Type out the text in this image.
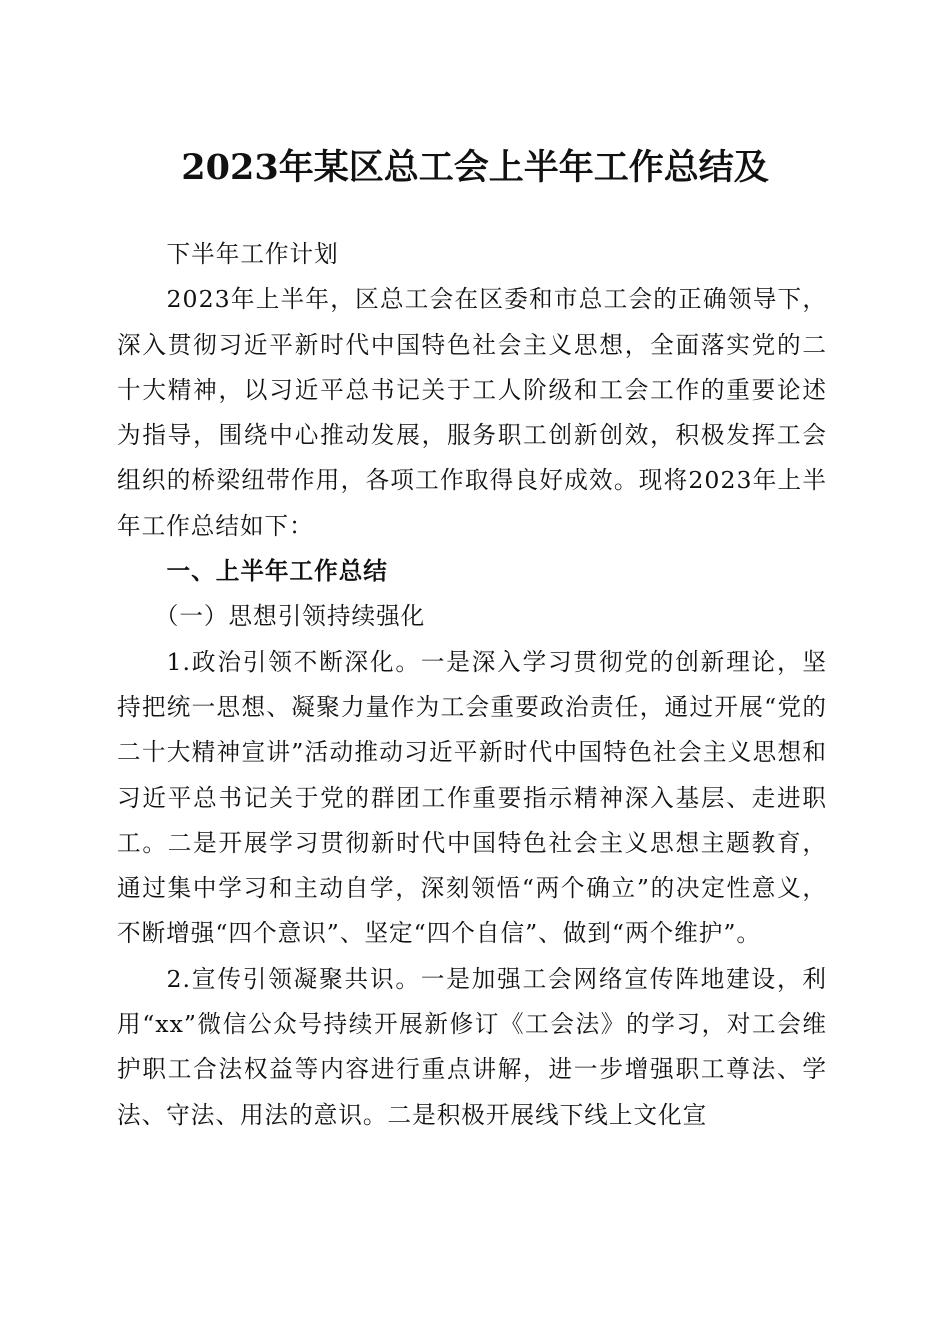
2023年某区总工会上半年工作总结及

下半年工作计划

2023年上半年，区总工会在区委和市总工会的正确领导下，深入贯彻习近平新时代中国特色社会主义思想，全面落实党的二十大精神，以习近平总书记关于工人阶级和工会工作的重要论述为指导，围绕中心推动发展，服务职工创新创效，积极发挥工会组织的桥梁纽带作用，各项工作取得良好成效。现将2023年上半年工作总结如下：

一、上半年工作总结

（一）思想引领持续强化

1.政治引领不断深化。一是深入学习贯彻党的创新理论，坚持把统一思想、凝聚力量作为工会重要政治责任，通过开展“党的二十大精神宣讲”活动推动习近平新时代中国特色社会主义思想和习近平总书记关于党的群团工作重要指示精神深入基层、走进职工。二是开展学习贯彻新时代中国特色社会主义思想主题教育，通过集中学习和主动自学，深刻领悟“两个确立”的决定性意义，不断增强“四个意识”、坚定“四个自信”、做到“两个维护”。

2.宣传引领凝聚共识。一是加强工会网络宣传阵地建设，利用“xx”微信公众号持续开展新修订《工会法》的学习，对工会维护职工合法权益等内容进行重点讲解，进一步增强职工尊法、学法、守法、用法的意识。二是积极开展线下线上文化宣
